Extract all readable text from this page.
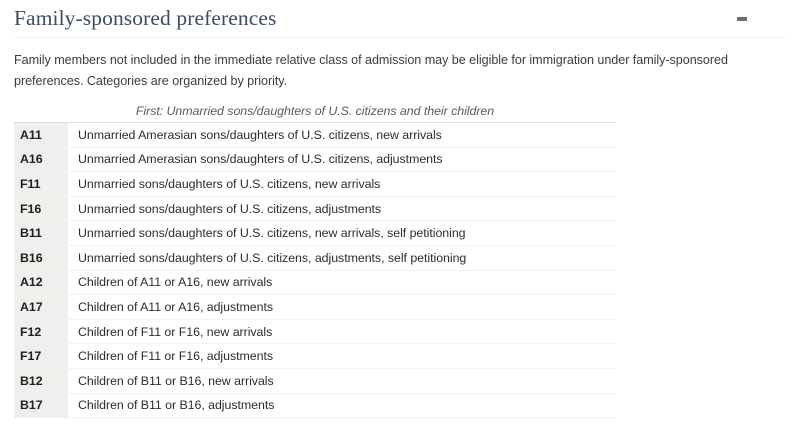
Family-sponsored preferences

Family members not included in the immediate relative class of admission may be eligible for immigration under family-sponsored preferences. Categories are organized by priority.

First: Unmarried sons/daughters of U.S. citizens and their children
A11	Unmarried Amerasian sons/daughters of U.S. citizens, new arrivals
A16	Unmarried Amerasian sons/daughters of U.S. citizens, adjustments
F11	Unmarried sons/daughters of U.S. citizens, new arrivals
F16	Unmarried sons/daughters of U.S. citizens, adjustments
B11	Unmarried sons/daughters of U.S. citizens, new arrivals, self petitioning
B16	Unmarried sons/daughters of U.S. citizens, adjustments, self petitioning
A12	Children of A11 or A16, new arrivals
A17	Children of A11 or A16, adjustments
F12	Children of F11 or F16, new arrivals
F17	Children of F11 or F16, adjustments
B12	Children of B11 or B16, new arrivals
B17	Children of B11 or B16, adjustments
